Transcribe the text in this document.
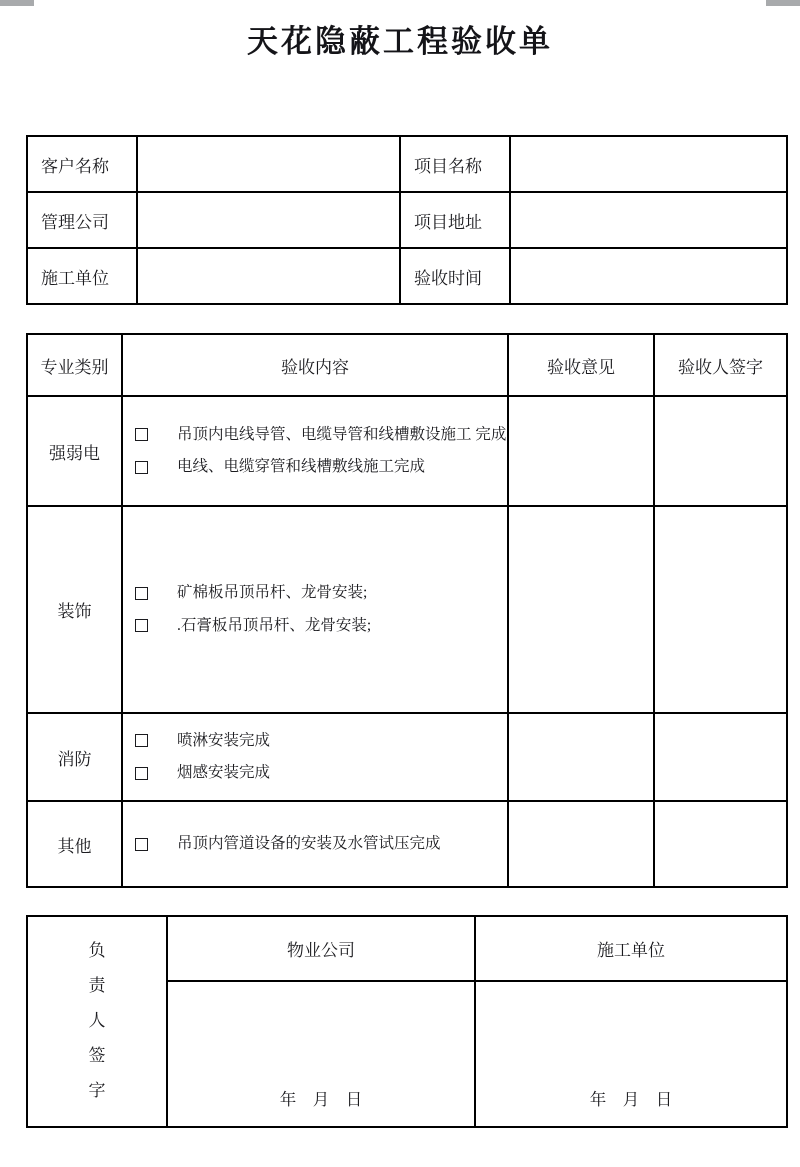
天花隐蔽工程验收单
客户名称		项目名称	
管理公司		项目地址	
施工单位		验收时间	
专业类别	验收内容	验收意见	验收人签字
强弱电	吊顶内电线导管、电缆导管和线槽敷设施工 完成
电线、电缆穿管和线槽敷线施工完成		

装饰	矿棉板吊顶吊杆、龙骨安装;
.石膏板吊顶吊杆、龙骨安装;		

消防	喷淋安装完成
烟感安装完成		

其他	吊顶内管道设备的安装及水管试压完成		

负责人签字	物业公司	施工单位

年    月    日	年    月    日
